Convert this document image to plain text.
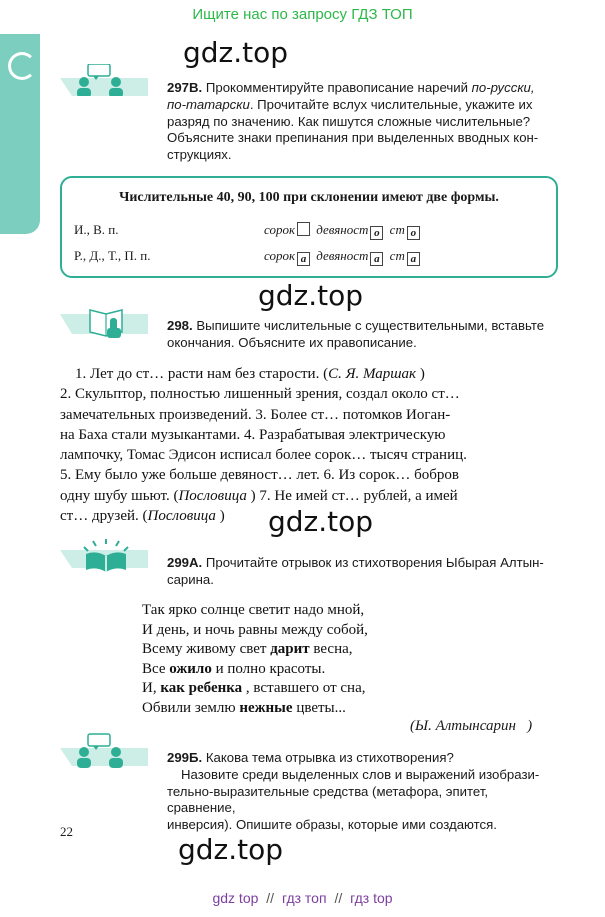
Ищите нас по запросу ГДЗ ТОП
gdz.top
gdz.top
gdz.top
gdz.top
297B. Прокомментируйте правописание наречий по-русски,
по-татарски. Прочитайте вслух числительные, укажите их
разряд по значению. Как пишутся сложные числительные?
Объясните знаки препинания при выделенных вводных кон-
струкциях.
Числительные 40, 90, 100 при склонении имеют две формы.
И., В. п.	сорок девяност о ст о
Р., Д., Т., П. п.	сорок а девяност а ст а
298. Выпишите числительные с существительными, вставьте
окончания. Объясните их правописание.
1. Лет до ст… расти нам без старости. (С. Я. Маршак )
2. Скульптор, полностью лишенный зрения, создал около ст…
замечательных произведений. 3. Более ст… потомков Иоган-
на Баха стали музыкантами. 4. Разрабатывая электрическую
лампочку, Томас Эдисон исписал более сорок… тысяч страниц.
5. Ему было уже больше девяност… лет. 6. Из сорок… бобров
одну шубу шьют. (Пословица ) 7. Не имей ст… рублей, а имей
ст… друзей. (Пословица )
299А. Прочитайте отрывок из стихотворения Ыбырая Алтын-
сарина.
Так ярко солнце светит надо мной,
И день, и ночь равны между собой,
Всему живому свет дарит весна,
Все ожило и полно красоты.
И, как ребенка , вставшего от сна,
Обвили землю нежные цветы...
(Ы. Алтынсарин   )
299Б. Какова тема отрывка из стихотворения?
Назовите среди выделенных слов и выражений изобрази-
тельно-выразительные средства (метафора, эпитет, сравнение,
инверсия). Опишите образы, которые ими создаются.
22
gdz top // гдз топ // гдз top
